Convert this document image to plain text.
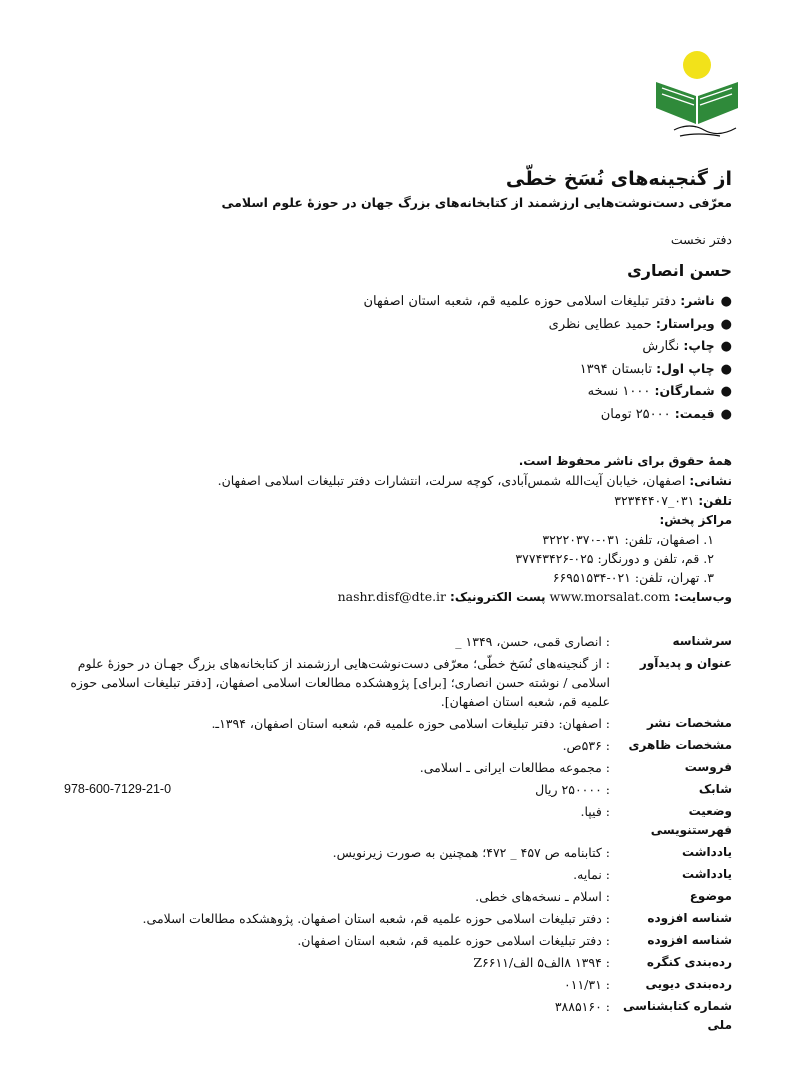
از گنجینه‌های نُسَخ خطّی

معرّفی دست‌نوشت‌هایی ارزشمند از کتابخانه‌های بزرگ جهان در حوزهٔ علوم اسلامی

دفتر نخست
حسن انصاری
●ناشر: دفتر تبلیغات اسلامی حوزه علمیه قم، شعبه استان اصفهان
●ویراستار: حمید عطایی نظری
●چاپ: نگارش
●چاپ اول: تابستان ۱۳۹۴
●شمارگان: ۱۰۰۰ نسخه
●قیمت: ۲۵۰۰۰ تومان
همهٔ حقوق برای ناشر محفوظ است.
نشانی: اصفهان، خیابان آیت‌الله شمس‌آبادی، کوچه سرلت، انتشارات دفتر تبلیغات اسلامی اصفهان.
تلفن: ۰۳۱_۳۲۳۴۴۴۰۷
مراکز پخش:
۱. اصفهان، تلفن: ۰۳۱-۳۲۲۲۰۳۷۰
۲. قم، تلفن و دورنگار: ۰۲۵-۳۷۷۴۳۴۲۶
۳. تهران، تلفن: ۰۲۱-۶۶۹۵۱۵۳۴
وب‌سایت: www.morsalat.com پست الکترونیک: nashr.disf@dte.ir
سرشناسه
: انصاری قمی، حسن، ۱۳۴۹ _
عنوان و پدیدآور
: از گنجینه‌های نُسَخ خطّی؛ معرّفی دست‌نوشت‌هایی ارزشمند از کتابخانه‌های بزرگ جهـان در حوزهٔ علوم اسلامی / نوشته حسن انصاری؛ [برای] پژوهشکده مطالعات اسلامی اصفهان، [دفتر تبلیغات اسلامی حوزه علمیه قم، شعبه استان اصفهان].
مشخصات نشر
: اصفهان: دفتر تبلیغات اسلامی حوزه علمیه قم، شعبه استان اصفهان، ۱۳۹۴ـ.
مشخصات ظاهری
: ۵۳۶ص.
فروست
: مجموعه مطالعات ایرانی ـ اسلامی.
شابک
: ۲۵۰۰۰۰ ریال
978-600-7129-21-0
وضعیت فهرستنویسی
: فیپا.
یادداشت
: کتابنامه ص ۴۵۷ _ ۴۷۲؛ همچنین به صورت زیرنویس.
یادداشت
: نمایه.
موضوع
: اسلام ـ نسخه‌های خطی.
شناسه افزوده
: دفتر تبلیغات اسلامی حوزه علمیه قم، شعبه استان اصفهان. پژوهشکده مطالعات اسلامی.
شناسه افزوده
: دفتر تبلیغات اسلامی حوزه علمیه قم، شعبه استان اصفهان.
رده‌بندی کنگره
: ۱۳۹۴ ۸الف۵ الف/Z۶۶۱۱
رده‌بندی دیویی
: ۰۱۱/۳۱
شماره کتابشناسی ملی
: ۳۸۸۵۱۶۰
